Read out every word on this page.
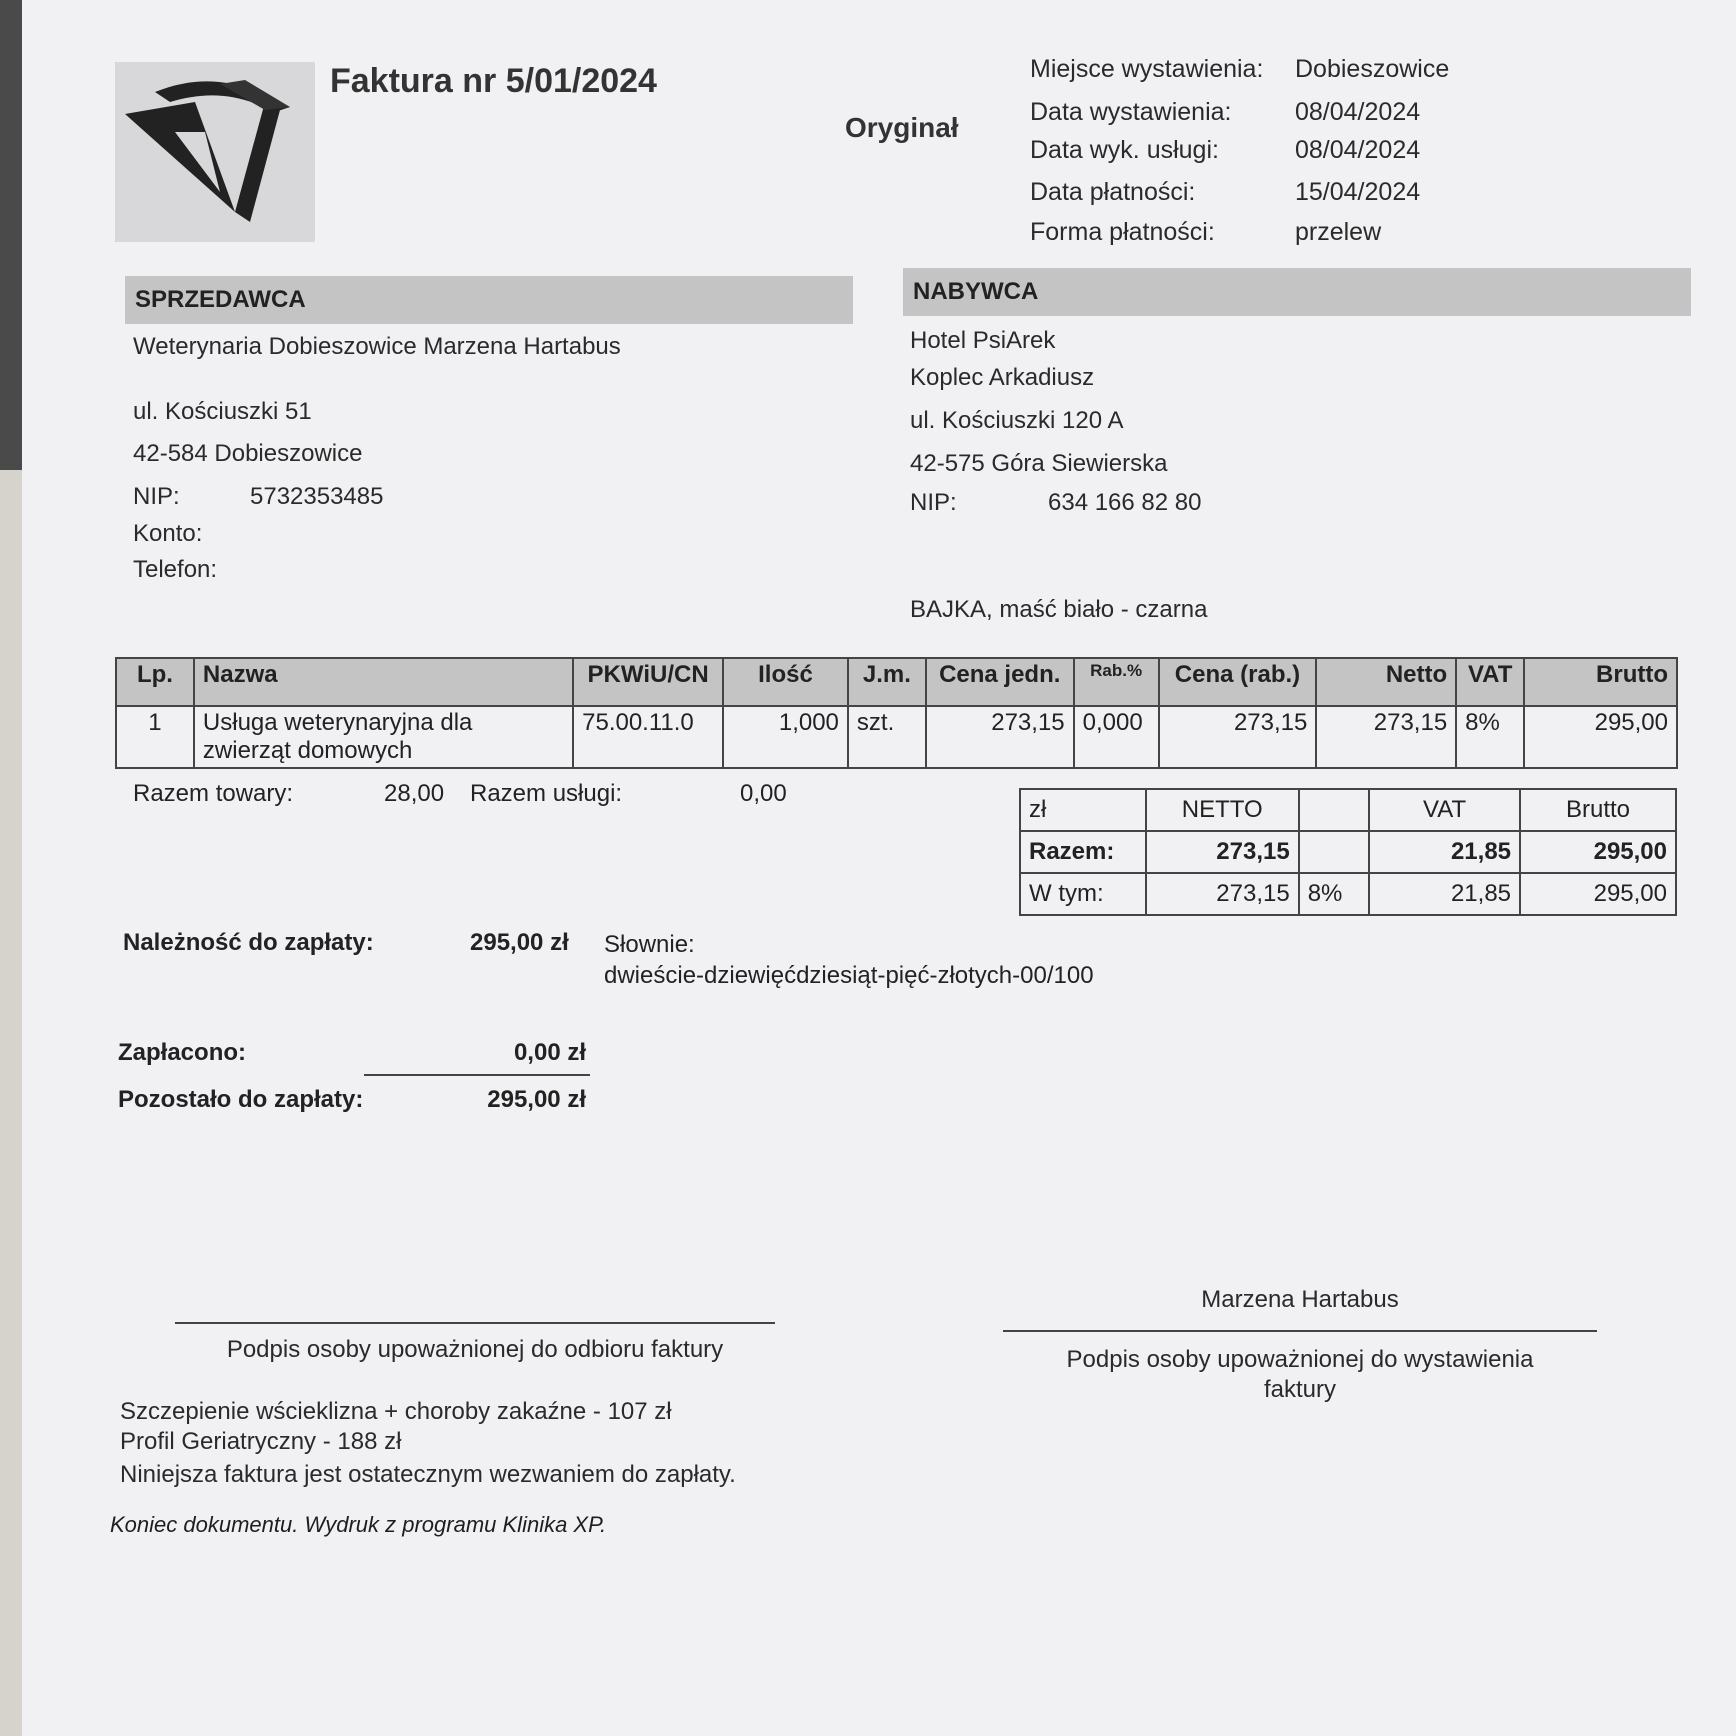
Faktura nr 5/01/2024
Oryginał
Miejsce wystawienia: Dobieszowice
Data wystawienia:	08/04/2024
Data wyk. usługi:	08/04/2024
Data płatności:	15/04/2024
Forma płatności:	przelew
SPRZEDAWCA
Weterynaria Dobieszowice Marzena Hartabus
ul. Kościuszki 51
42-584 Dobieszowice
NIP:	5732353485
Konto:
Telefon:
NABYWCA
Hotel PsiArek
Koplec Arkadiusz
ul. Kościuszki 120 A
42-575 Góra Siewierska
NIP:	634 166 82 80
BAJKA, maść biało - czarna
Lp.	Nazwa	PKWiU/CN	Ilość	J.m.	Cena jedn.	Rab.%	Cena (rab.)	Netto	VAT	Brutto
1	Usługa weterynaryjna dla
zwierząt domowych	75.00.11.0	1,000	szt.	273,15	0,000	273,15	273,15	8%	295,00
Razem towary:	28,00 Razem usługi:	0,00
zł	NETTO		VAT	Brutto
Razem:	273,15		21,85	295,00
W tym:	273,15	8%	21,85	295,00
Należność do zapłaty:	295,00 zł Słownie:
dwieście-dziewięćdziesiąt-pięć-złotych-00/100
Zapłacono:	0,00 zł
Pozostało do zapłaty:	295,00 zł
Podpis osoby upoważnionej do odbioru faktury
Marzena Hartabus
Podpis osoby upoważnionej do wystawienia
faktury
Szczepienie wścieklizna + choroby zakaźne - 107 zł
Profil Geriatryczny - 188 zł
Niniejsza faktura jest ostatecznym wezwaniem do zapłaty.
Koniec dokumentu. Wydruk z programu Klinika XP.
